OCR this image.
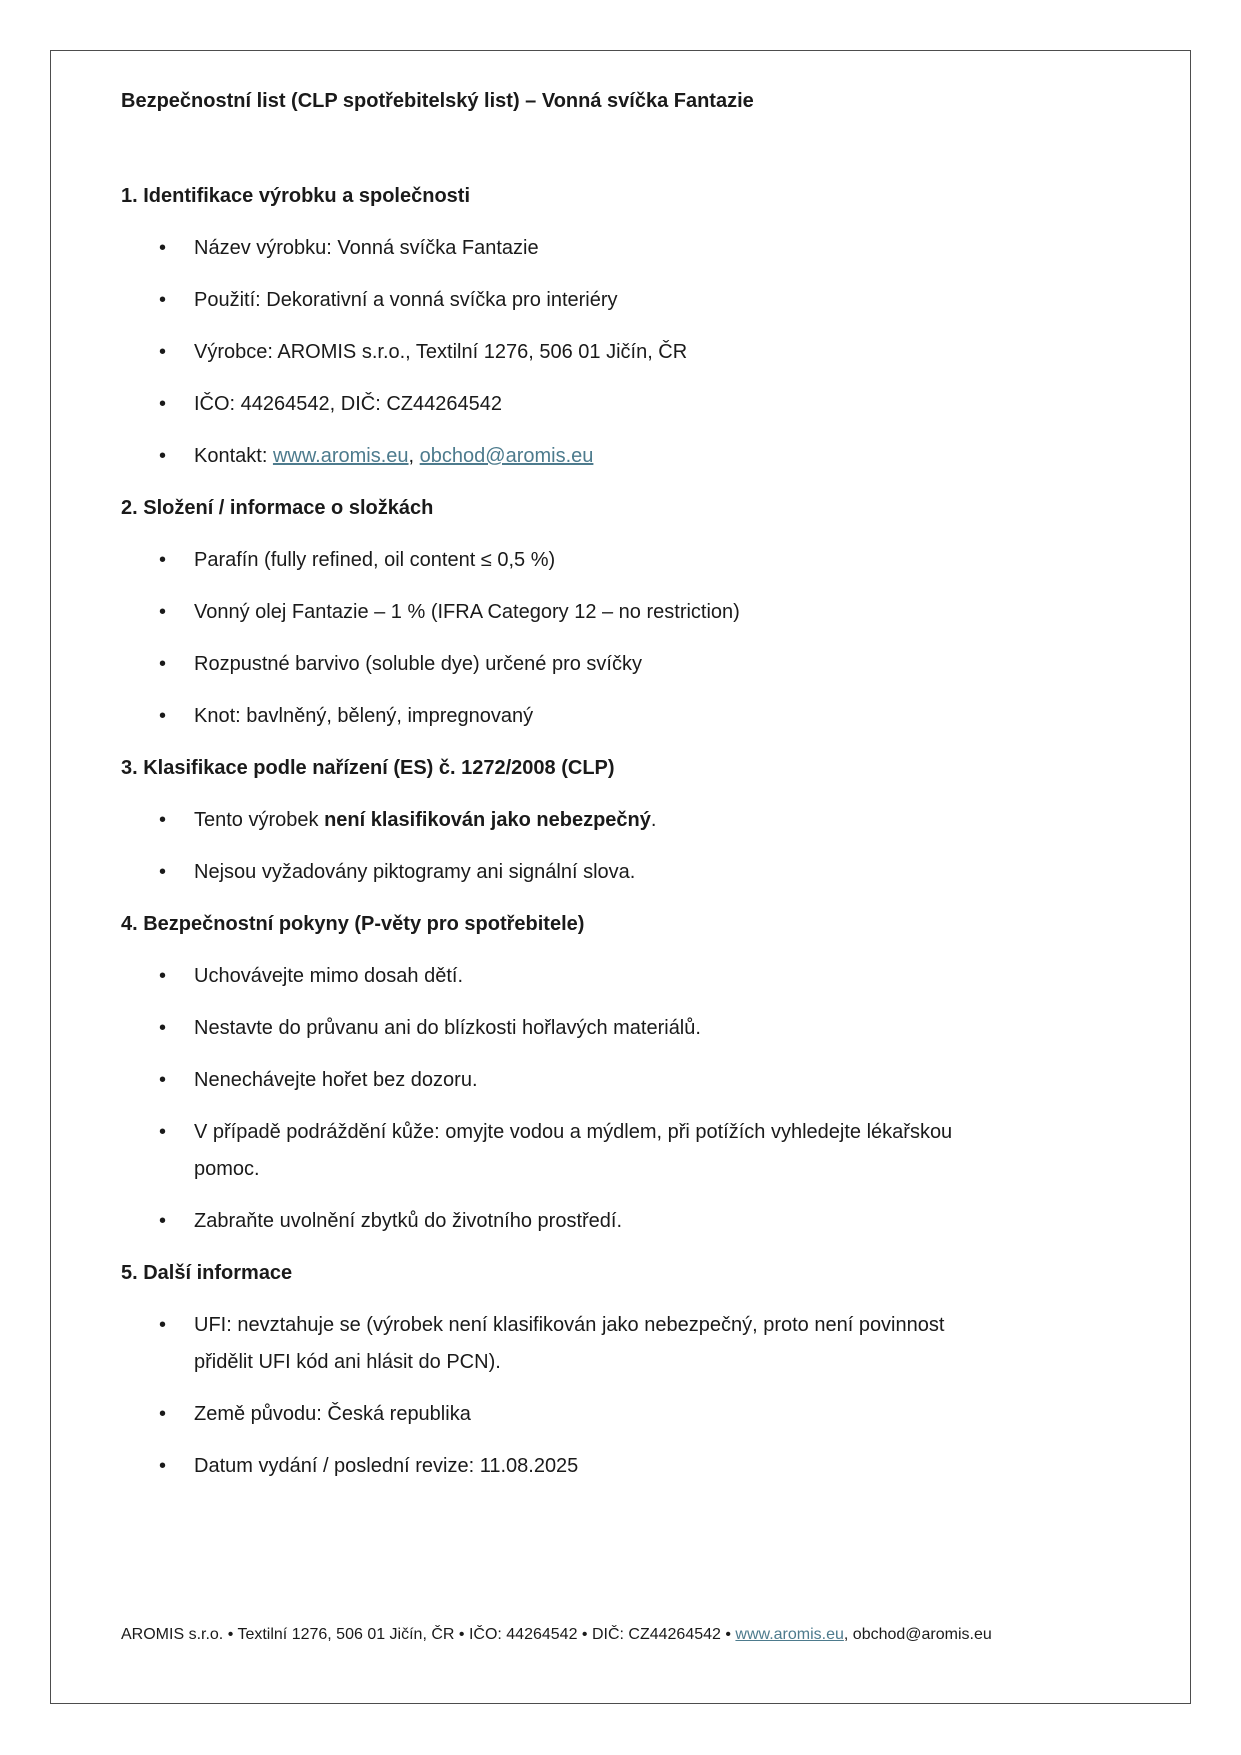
Bezpečnostní list (CLP spotřebitelský list) – Vonná svíčka Fantazie
1. Identifikace výrobku a společnosti
• Název výrobku: Vonná svíčka Fantazie
• Použití: Dekorativní a vonná svíčka pro interiéry
• Výrobce: AROMIS s.r.o., Textilní 1276, 506 01 Jičín, ČR
• IČO: 44264542, DIČ: CZ44264542
• Kontakt: www.aromis.eu, obchod@aromis.eu
2. Složení / informace o složkách
• Parafín (fully refined, oil content ≤ 0,5 %)
• Vonný olej Fantazie – 1 % (IFRA Category 12 – no restriction)
• Rozpustné barvivo (soluble dye) určené pro svíčky
• Knot: bavlněný, bělený, impregnovaný
3. Klasifikace podle nařízení (ES) č. 1272/2008 (CLP)
• Tento výrobek není klasifikován jako nebezpečný.
• Nejsou vyžadovány piktogramy ani signální slova.
4. Bezpečnostní pokyny (P-věty pro spotřebitele)
• Uchovávejte mimo dosah dětí.
• Nestavte do průvanu ani do blízkosti hořlavých materiálů.
• Nenechávejte hořet bez dozoru.
• V případě podráždění kůže: omyjte vodou a mýdlem, při potížích vyhledejte lékařskou
pomoc.
• Zabraňte uvolnění zbytků do životního prostředí.
5. Další informace
• UFI: nevztahuje se (výrobek není klasifikován jako nebezpečný, proto není povinnost
přidělit UFI kód ani hlásit do PCN).
• Země původu: Česká republika
• Datum vydání / poslední revize: 11.08.2025
AROMIS s.r.o. • Textilní 1276, 506 01 Jičín, ČR • IČO: 44264542 • DIČ: CZ44264542 • www.aromis.eu, obchod@aromis.eu
